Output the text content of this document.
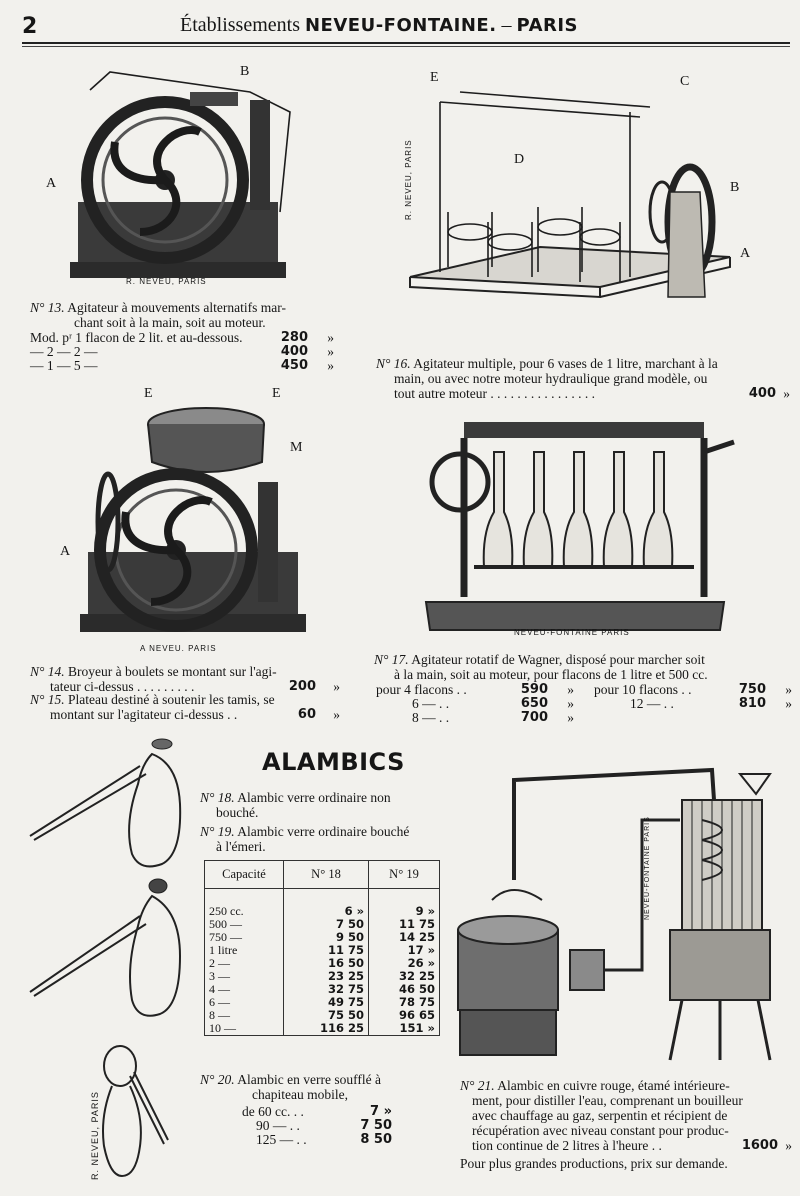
2	Établissements NEVEU-FONTAINE. – PARIS
B
A
R. NEVEU, PARIS
N° 13. Agitateur à mouvements alternatifs mar-
chant soit à la main, soit au moteur.
Mod. pʳ 1 flacon de 2 lit. et au-dessous.	280 »
— 2 — 2 —	400 »
— 1 — 5 —	450 »
E	C
D
B
A
R. NEVEU, PARIS
N° 16. Agitateur multiple, pour 6 vases de 1 litre, marchant à la
main, ou avec notre moteur hydraulique grand modèle, ou
tout autre moteur . . . . . . . . . . . . . . . .	400 »
E	E
M
A
A NEVEU. PARIS
N° 14. Broyeur à boulets se montant sur l'agi-
tateur ci-dessus . . . . . . . . .	200 »
N° 15. Plateau destiné à soutenir les tamis, se
montant sur l'agitateur ci-dessus . .	60 »
NEVEU-FONTAINE PARIS
N° 17. Agitateur rotatif de Wagner, disposé pour marcher soit
à la main, soit au moteur, pour flacons de 1 litre et 500 cc.
pour 4 flacons . .	590 »
6 — . .	650 »
8 — . .	700 »
pour 10 flacons . .	750 »
12 — . .	810 »
ALAMBICS
R. NEVEU, PARIS
N° 18. Alambic verre ordinaire non
bouché.
N° 19. Alambic verre ordinaire bouché
à l'émeri.
Capacité	N° 18	N° 19

250 cc.	6 »	9 »
500 —	7 50	11 75
750 —	9 50	14 25
1 litre	11 75	17 »
2 —	16 50	26 »
3 —	23 25	32 25
4 —	32 75	46 50
6 —	49 75	78 75
8 —	75 50	96 65
10 —	116 25	151 »
N° 20. Alambic en verre soufflé à
chapiteau mobile,
de 60 cc. . .	7 »
90 — . .	7 50
125 — . .	8 50
NEVEU-FONTAINE PARIS
N° 21. Alambic en cuivre rouge, étamé intérieure-
ment, pour distiller l'eau, comprenant un bouilleur
avec chauffage au gaz, serpentin et récipient de
récupération avec niveau constant pour produc-
tion continue de 2 litres à l'heure . .	1600 »
Pour plus grandes productions, prix sur demande.
